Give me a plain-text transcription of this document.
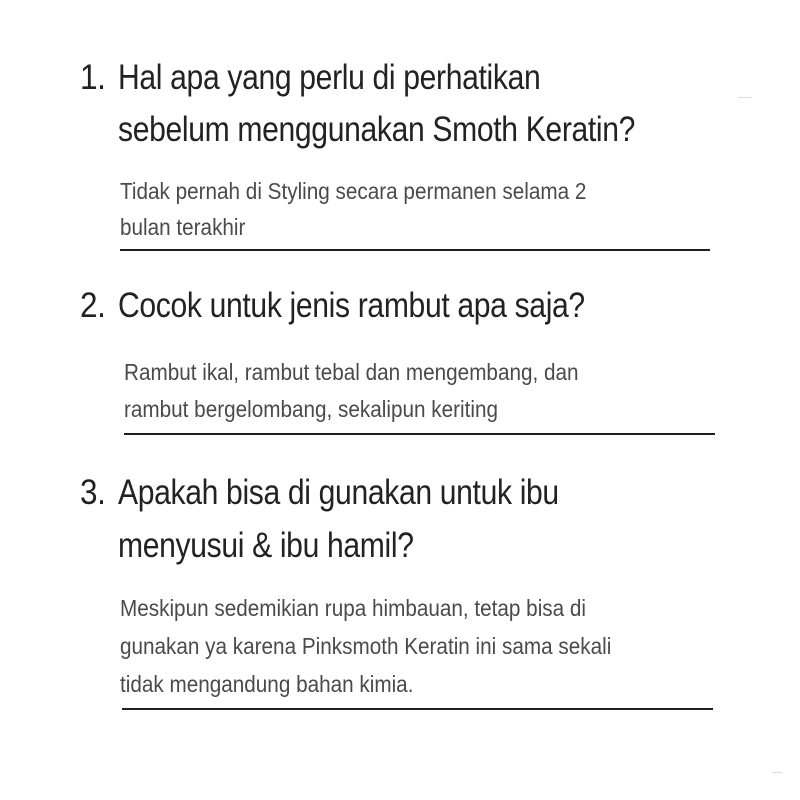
1. Hal apa yang perlu di perhatikan
sebelum menggunakan Smoth Keratin?
Tidak pernah di Styling secara permanen selama 2
bulan terakhir
2. Cocok untuk jenis rambut apa saja?
Rambut ikal, rambut tebal dan mengembang, dan
rambut bergelombang, sekalipun keriting
3. Apakah bisa di gunakan untuk ibu
menyusui & ibu hamil?
Meskipun sedemikian rupa himbauan, tetap bisa di
gunakan ya karena Pinksmoth Keratin ini sama sekali
tidak mengandung bahan kimia.
